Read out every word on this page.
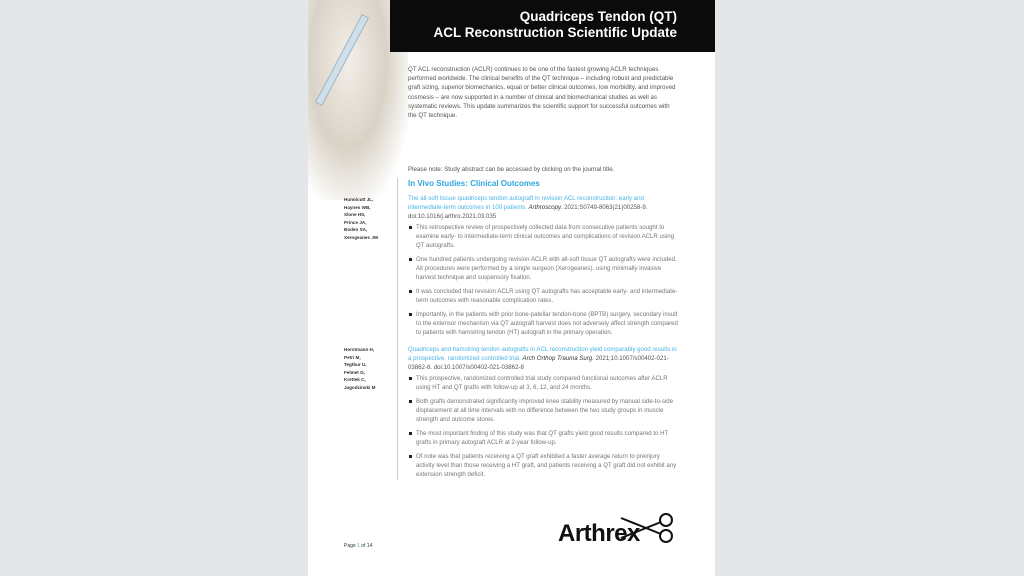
Quadriceps Tendon (QT)
ACL Reconstruction Scientific Update

QT ACL reconstruction (ACLR) continues to be one of the fastest growing ACLR techniques performed worldwide. The clinical benefits of the QT technique – including robust and predictable graft sizing, superior biomechanics, equal or better clinical outcomes, low morbidity, and improved cosmesis – are now supported in a number of clinical and biomechanical studies as well as systematic reviews. This update summarizes the scientific support for successful outcomes with the QT technique.

Please note: Study abstract can be accessed by clicking on the journal title.

In Vivo Studies: Clinical Outcomes
Hunnicutt JL,
Haynes WB,
Slone HS,
Prince JA,
Boden SA,
Xerogeanes JW
The all-soft tissue quadriceps tendon autograft in revision ACL reconstruction: early and intermediate-term outcomes in 100 patients. Arthroscopy. 2021;S0749-8063(21)00258-9. doi:10.1016/j.arthro.2021.03.035
This retrospective review of prospectively collected data from consecutive patients sought to examine early- to intermediate-term clinical outcomes and complications of revision ACLR using QT autografts.
One hundred patients undergoing revision ACLR with all-soft tissue QT autografts were included. All procedures were performed by a single surgeon (Xerogeanes), using minimally invasive harvest technique and suspensory fixation.
It was concluded that revision ACLR using QT autografts has acceptable early- and intermediate-term outcomes with reasonable complication rates.
Importantly, in the patients with prior bone-patellar tendon-bone (BPTB) surgery, secondary insult to the extensor mechanism via QT autograft harvest does not adversely affect strength compared to patients with hamstring tendon (HT) autograft in the primary operation.
Horstmann H,
Petri M,
Tegtbur U,
Felmet G,
Krettek C,
Jagodzinski M
Quadriceps and hamstring tendon autografts in ACL reconstruction yield comparably good results in a prospective, randomized controlled trial. Arch Orthop Trauma Surg. 2021;10.1007/s00402-021-03862-8. doi:10.1007/s00402-021-03862-8
This prospective, randomized controlled trial study compared functional outcomes after ACLR using HT and QT grafts with follow-up at 3, 6, 12, and 24 months.
Both grafts demonstrated significantly improved knee stability measured by manual side-to-side displacement at all time intervals with no difference between the two study groups in muscle strength and outcome stores.
The most important finding of this study was that QT grafts yield good results compared to HT grafts in primary autograft ACLR at 2-year follow-up.
Of note was that patients receiving a QT graft exhibited a faster average return to preinjury activity level than those receiving a HT graft, and patients receiving a QT graft did not exhibit any extension strength deficit.
Page 1 of 14	Arthrex
